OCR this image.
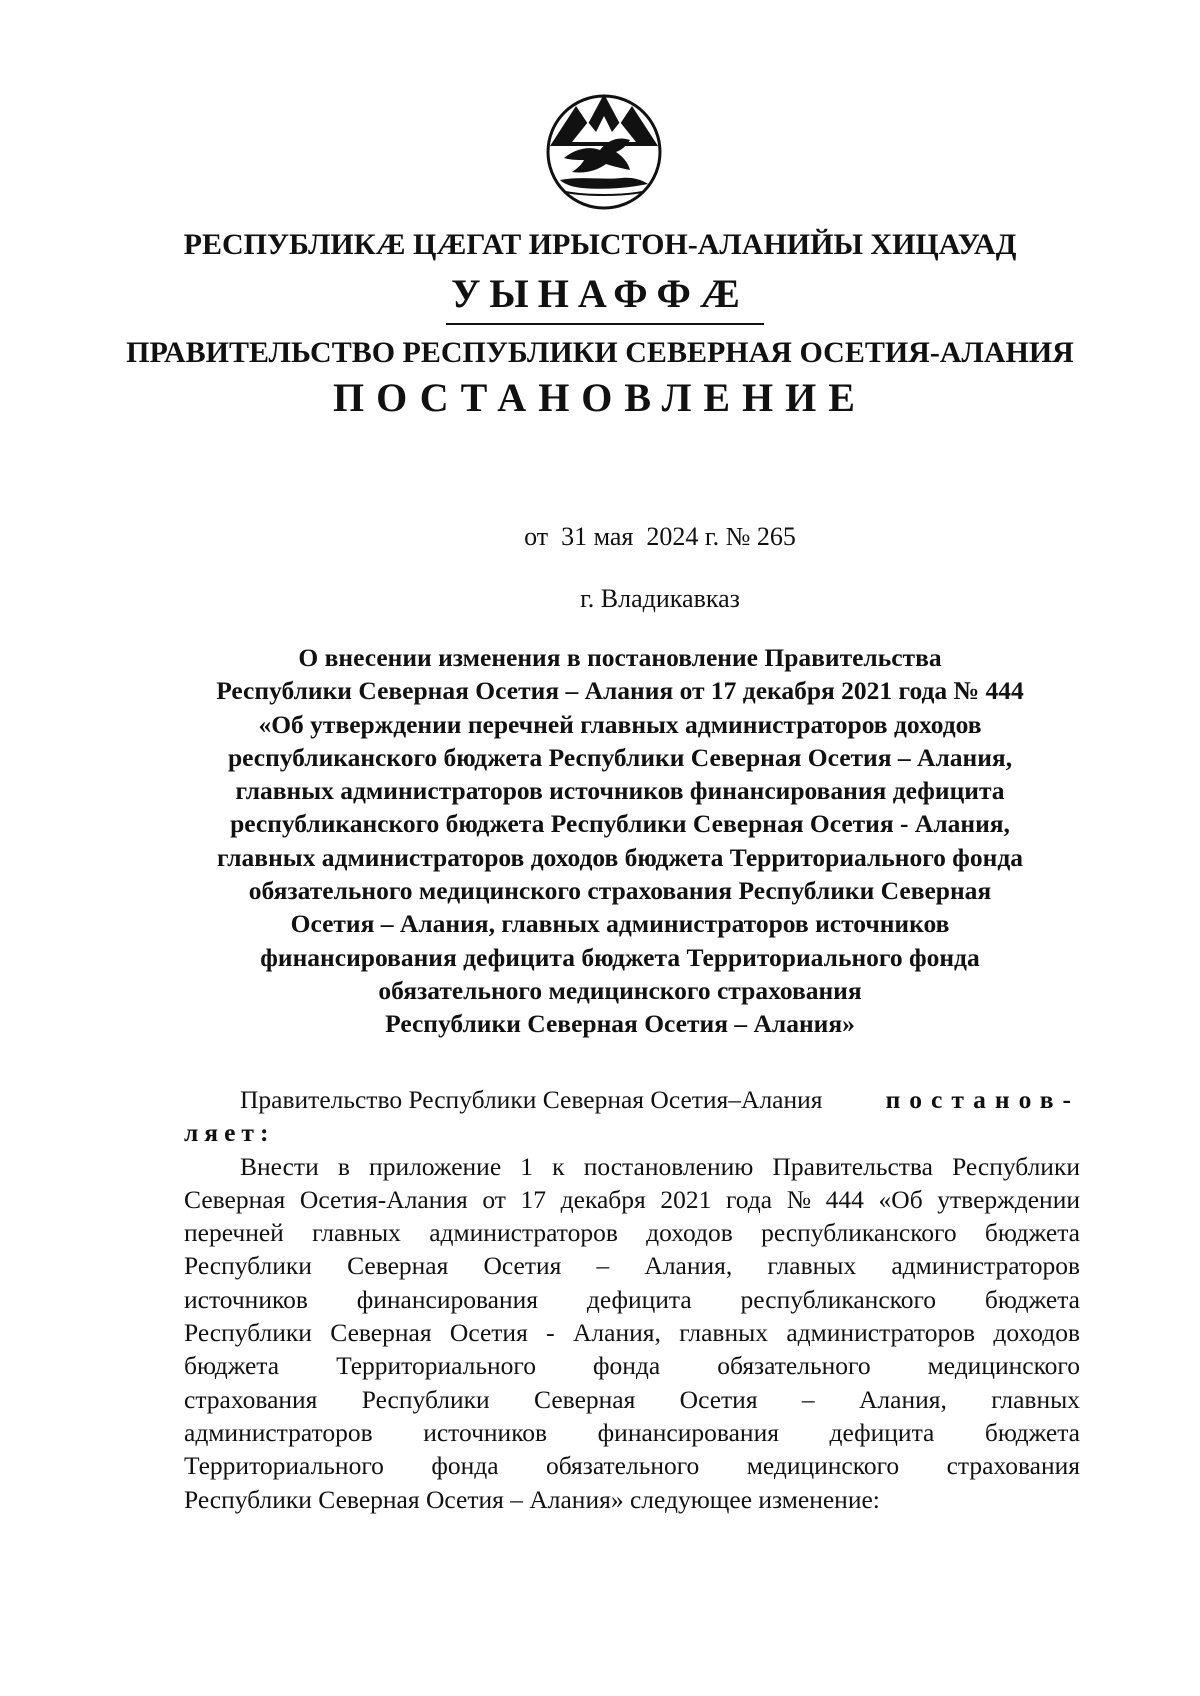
РЕСПУБЛИКÆ ЦÆГАТ ИРЫСТОН-АЛАНИЙЫ ХИЦАУАД
УЫНАФФÆ
ПРАВИТЕЛЬСТВО РЕСПУБЛИКИ СЕВЕРНАЯ ОСЕТИЯ-АЛАНИЯ
ПОСТАНОВЛЕНИЕ
от  31 мая  2024 г. № 265
г. Владикавказ
О внесении изменения в постановление Правительства
Республики Северная Осетия – Алания от 17 декабря 2021 года № 444
«Об утверждении перечней главных администраторов доходов
республиканского бюджета Республики Северная Осетия – Алания,
главных администраторов источников финансирования дефицита
республиканского бюджета Республики Северная Осетия - Алания,
главных администраторов доходов бюджета Территориального фонда
обязательного медицинского страхования Республики Северная
Осетия – Алания, главных администраторов источников
финансирования дефицита бюджета Территориального фонда
обязательного медицинского страхования
Республики Северная Осетия – Алания»
Правительство Республики Северная Осетия–Алания постанов-
ляет:
Внести в приложение 1 к постановлению Правительства Республики
Северная Осетия-Алания от 17 декабря 2021 года № 444 «Об утверждении
перечней главных администраторов доходов республиканского бюджета
Республики Северная Осетия – Алания, главных администраторов
источников финансирования дефицита республиканского бюджета
Республики Северная Осетия - Алания, главных администраторов доходов
бюджета Территориального фонда обязательного медицинского
страхования Республики Северная Осетия – Алания, главных
администраторов источников финансирования дефицита бюджета
Территориального фонда обязательного медицинского страхования
Республики Северная Осетия – Алания» следующее изменение:
